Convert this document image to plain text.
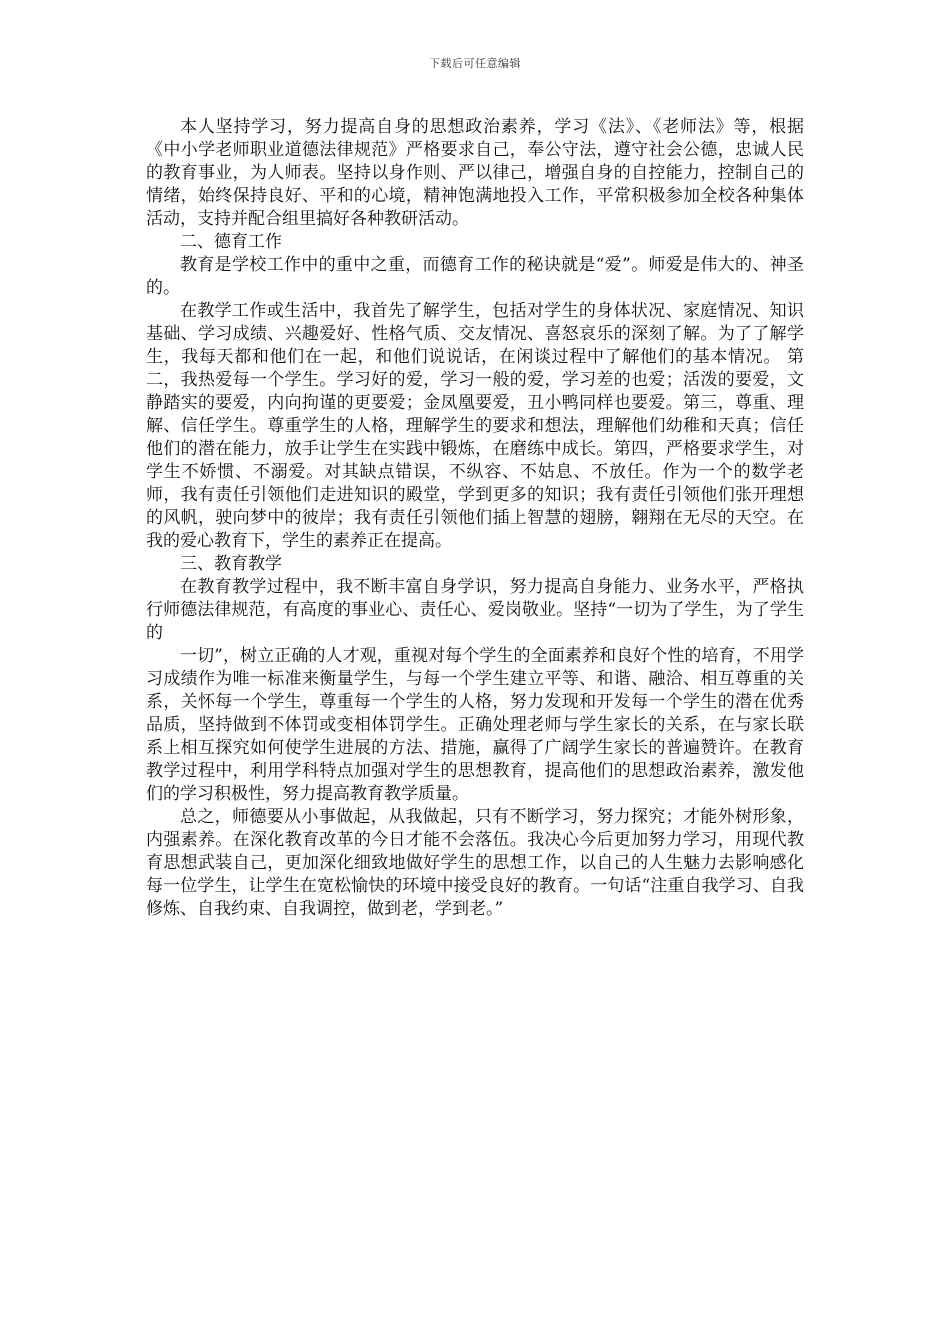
下载后可任意编辑

本人坚持学习，努力提高自身的思想政治素养，学习《法》、《老师法》等，根据《中小学老师职业道德法律规范》严格要求自己，奉公守法，遵守社会公德，忠诚人民的教育事业，为人师表。坚持以身作则、严以律己，增强自身的自控能力，控制自己的情绪，始终保持良好、平和的心境，精神饱满地投入工作，平常积极参加全校各种集体活动，支持并配合组里搞好各种教研活动。

二、德育工作

教育是学校工作中的重中之重，而德育工作的秘诀就是“爱”。师爱是伟大的、神圣的。

在教学工作或生活中，我首先了解学生，包括对学生的身体状况、家庭情况、知识基础、学习成绩、兴趣爱好、性格气质、交友情况、喜怒哀乐的深刻了解。为了了解学生，我每天都和他们在一起，和他们说说话，在闲谈过程中了解他们的基本情况。 第二，我热爱每一个学生。学习好的爱，学习一般的爱，学习差的也爱；活泼的要爱，文静踏实的要爱，内向拘谨的更要爱；金凤凰要爱，丑小鸭同样也要爱。第三，尊重、理解、信任学生。尊重学生的人格，理解学生的要求和想法，理解他们幼稚和天真；信任他们的潜在能力，放手让学生在实践中锻炼，在磨练中成长。第四，严格要求学生，对学生不娇惯、不溺爱。对其缺点错误，不纵容、不姑息、不放任。作为一个的数学老师，我有责任引领他们走进知识的殿堂，学到更多的知识；我有责任引领他们张开理想的风帆，驶向梦中的彼岸；我有责任引领他们插上智慧的翅膀，翱翔在无尽的天空。在我的爱心教育下，学生的素养正在提高。

三、教育教学

在教育教学过程中，我不断丰富自身学识，努力提高自身能力、业务水平，严格执行师德法律规范，有高度的事业心、责任心、爱岗敬业。坚持“一切为了学生，为了学生的

一切”，树立正确的人才观，重视对每个学生的全面素养和良好个性的培育，不用学习成绩作为唯一标准来衡量学生，与每一个学生建立平等、和谐、融洽、相互尊重的关系，关怀每一个学生，尊重每一个学生的人格，努力发现和开发每一个学生的潜在优秀品质，坚持做到不体罚或变相体罚学生。正确处理老师与学生家长的关系，在与家长联系上相互探究如何使学生进展的方法、措施，赢得了广阔学生家长的普遍赞许。在教育教学过程中，利用学科特点加强对学生的思想教育，提高他们的思想政治素养，激发他们的学习积极性，努力提高教育教学质量。

总之，师德要从小事做起，从我做起，只有不断学习，努力探究；才能外树形象，内强素养。在深化教育改革的今日才能不会落伍。我决心今后更加努力学习，用现代教育思想武装自己，更加深化细致地做好学生的思想工作，以自己的人生魅力去影响感化每一位学生，让学生在宽松愉快的环境中接受良好的教育。一句话“注重自我学习、自我修炼、自我约束、自我调控，做到老，学到老。”
